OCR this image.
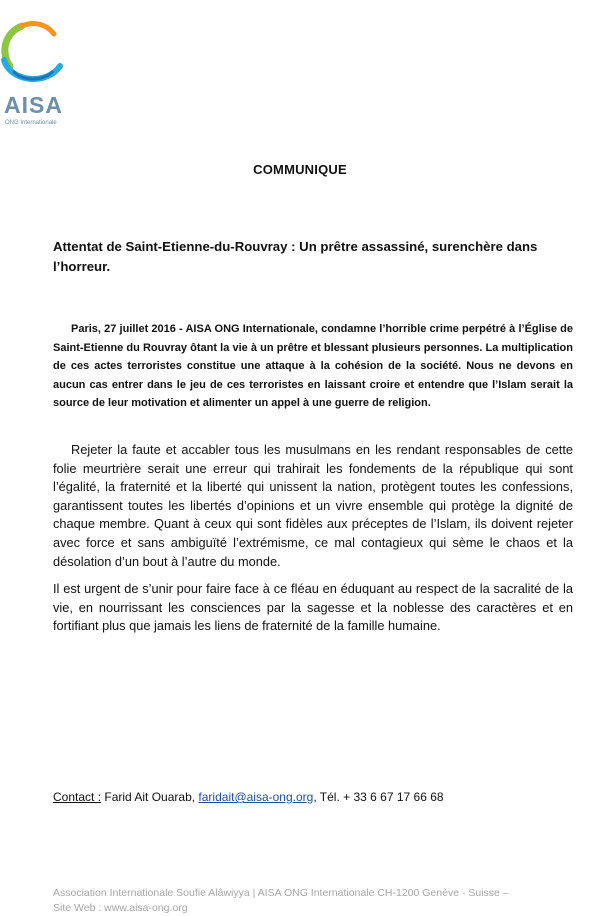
AISA
ONG Internationale
COMMUNIQUE
Attentat de Saint-Etienne-du-Rouvray : Un prêtre assassiné, surenchère dans l’horreur.

Paris, 27 juillet 2016 - AISA ONG Internationale, condamne l’horrible crime perpétré à l’Église de Saint-Etienne du Rouvray ôtant la vie à un prêtre et blessant plusieurs personnes. La multiplication de ces actes terroristes constitue une attaque à la cohésion de la société. Nous ne devons en aucun cas entrer dans le jeu de ces terroristes en laissant croire et entendre que l’Islam serait la source de leur motivation et alimenter un appel à une guerre de religion.

Rejeter la faute et accabler tous les musulmans en les rendant responsables de cette folie meurtrière serait une erreur qui trahirait les fondements de la république qui sont l’égalité, la fraternité et la liberté qui unissent la nation, protègent toutes les confessions, garantissent toutes les libertés d’opinions et un vivre ensemble qui protège la dignité de chaque membre. Quant à ceux qui sont fidèles aux préceptes de l’Islam, ils doivent rejeter avec force et sans ambiguïté l’extrémisme, ce mal contagieux qui sème le chaos et la désolation d’un bout à l’autre du monde.

Il est urgent de s’unir pour faire face à ce fléau en éduquant au respect de la sacralité de la vie, en nourrissant les consciences par la sagesse et la noblesse des caractères et en fortifiant plus que jamais les liens de fraternité de la famille humaine.

Contact : Farid Ait Ouarab, faridait@aisa-ong.org, Tél. + 33 6 67 17 66 68
Association Internationale Soufie Alâwiyya | AISA ONG Internationale CH-1200 Genève - Suisse –
Site Web : www.aisa-ong.org
